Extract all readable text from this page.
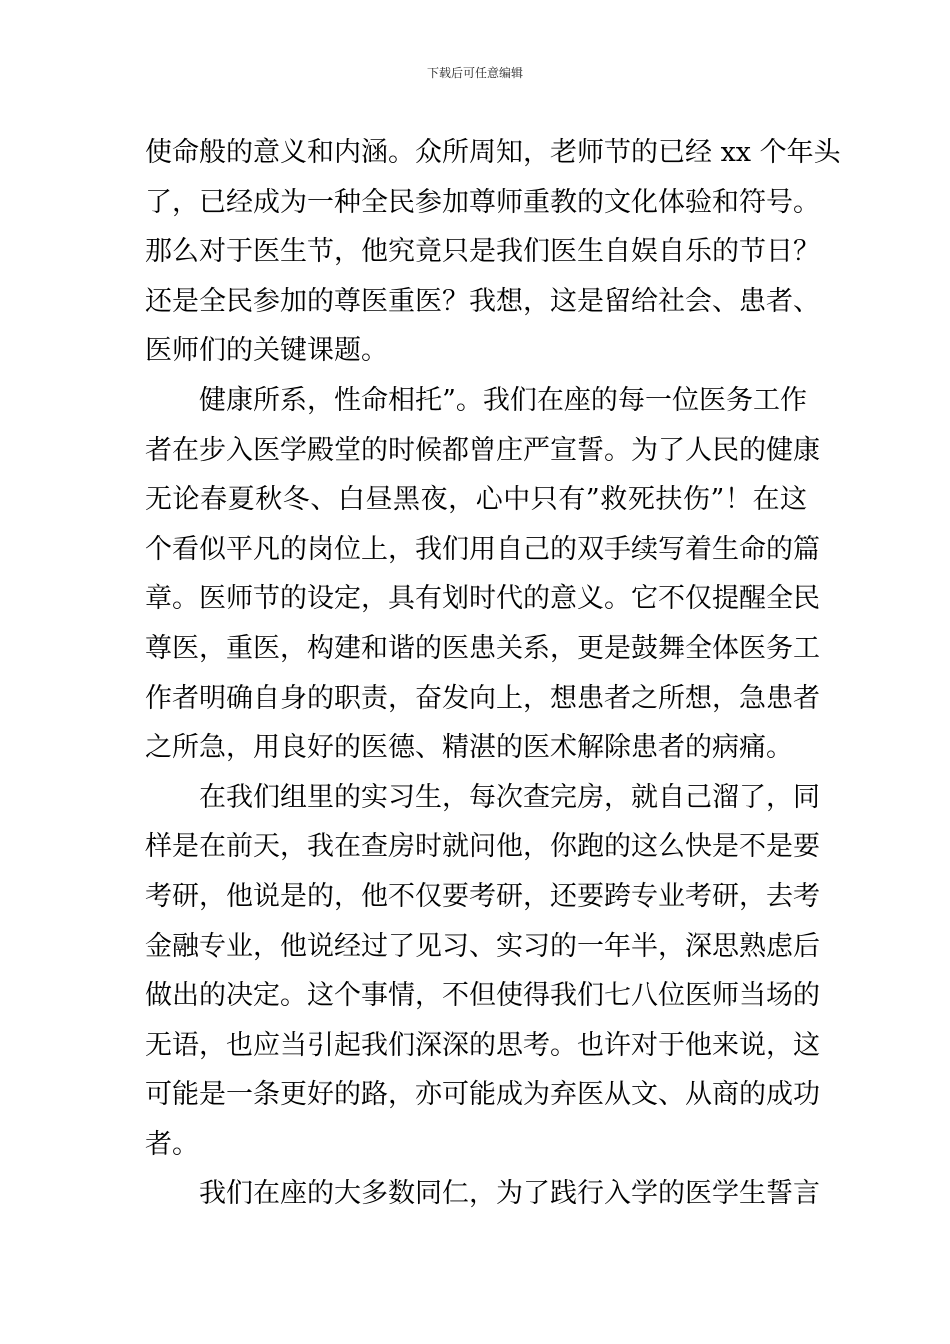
下载后可任意编辑
使命般的意义和内涵。众所周知，老师节的已经 xx 个年头
了，已经成为一种全民参加尊师重教的文化体验和符号。
那么对于医生节，他究竟只是我们医生自娱自乐的节日？
还是全民参加的尊医重医？我想，这是留给社会、患者、
医师们的关键课题。
健康所系，性命相托”。我们在座的每一位医务工作
者在步入医学殿堂的时候都曾庄严宣誓。为了人民的健康
无论春夏秋冬、白昼黑夜，心中只有”救死扶伤”！在这
个看似平凡的岗位上，我们用自己的双手续写着生命的篇
章。医师节的设定，具有划时代的意义。它不仅提醒全民
尊医，重医，构建和谐的医患关系，更是鼓舞全体医务工
作者明确自身的职责，奋发向上，想患者之所想，急患者
之所急，用良好的医德、精湛的医术解除患者的病痛。
在我们组里的实习生，每次查完房，就自己溜了，同
样是在前天，我在查房时就问他，你跑的这么快是不是要
考研，他说是的，他不仅要考研，还要跨专业考研，去考
金融专业，他说经过了见习、实习的一年半，深思熟虑后
做出的决定。这个事情，不但使得我们七八位医师当场的
无语，也应当引起我们深深的思考。也许对于他来说，这
可能是一条更好的路，亦可能成为弃医从文、从商的成功
者。
我们在座的大多数同仁，为了践行入学的医学生誓言
